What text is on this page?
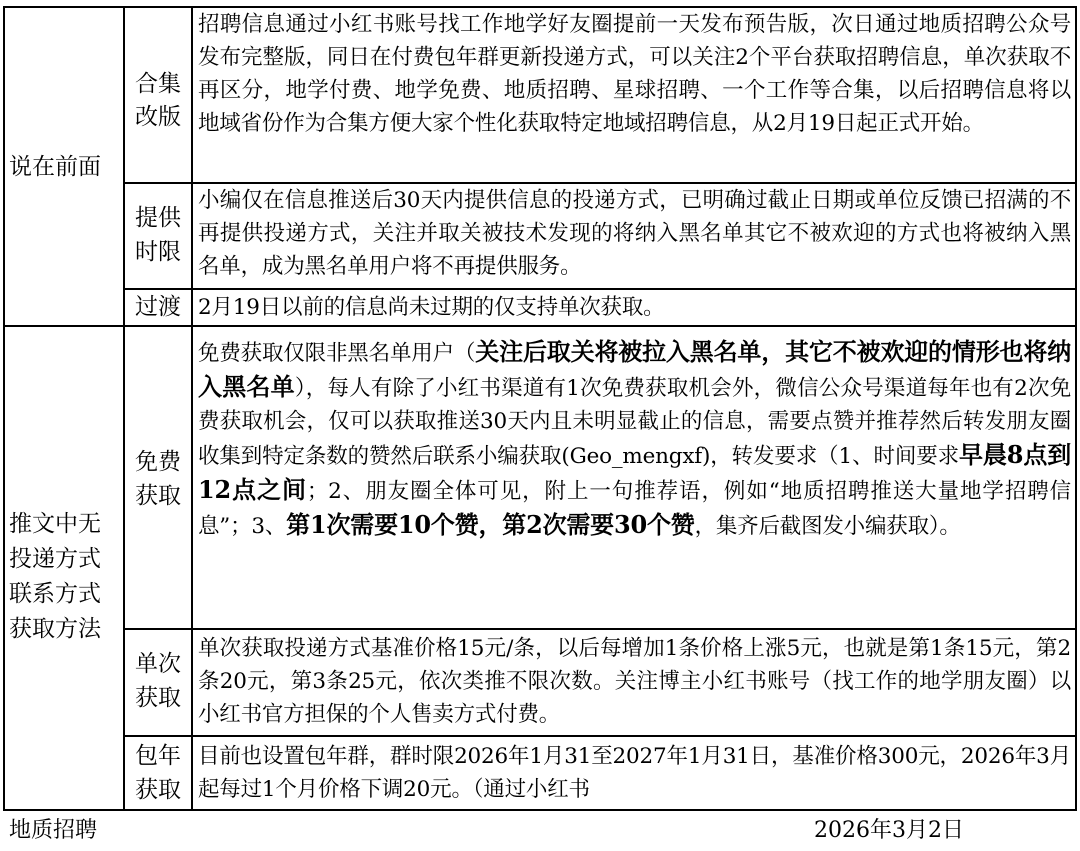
说在前面
合集
改版
招聘信息通过小红书账号找工作地学好友圈提前一天发布预告版，次日通过地质招聘公众号发布完整版，同日在付费包年群更新投递方式，可以关注2个平台获取招聘信息，单次获取不再区分，地学付费、地学免费、地质招聘、星球招聘、一个工作等合集，以后招聘信息将以地域省份作为合集方便大家个性化获取特定地域招聘信息，从2月19日起正式开始。
提供
时限
小编仅在信息推送后30天内提供信息的投递方式，已明确过截止日期或单位反馈已招满的不再提供投递方式，关注并取关被技术发现的将纳入黑名单其它不被欢迎的方式也将被纳入黑名单，成为黑名单用户将不再提供服务。
过渡 2月19日以前的信息尚未过期的仅支持单次获取。
推文中无
投递方式
联系方式
获取方法
免费
获取
免费获取仅限非黑名单用户（关注后取关将被拉入黑名单，其它不被欢迎的情形也将纳入黑名单），每人有除了小红书渠道有1次免费获取机会外，微信公众号渠道每年也有2次免费获取机会，仅可以获取推送30天内且未明显截止的信息，需要点赞并推荐然后转发朋友圈收集到特定条数的赞然后联系小编获取(Geo_mengxf)，转发要求（1、时间要求早晨8点到12点之间；2、朋友圈全体可见，附上一句推荐语，例如“地质招聘推送大量地学招聘信息”；3、第1次需要10个赞，第2次需要30个赞，集齐后截图发小编获取）。
单次
获取
单次获取投递方式基准价格15元/条，以后每增加1条价格上涨5元，也就是第1条15元，第2条20元，第3条25元，依次类推不限次数。关注博主小红书账号（找工作的地学朋友圈）以小红书官方担保的个人售卖方式付费。
包年
获取
目前也设置包年群，群时限2026年1月31至2027年1月31日，基准价格300元，2026年3月起每过1个月价格下调20元。（通过小红书
地质招聘	2026年3月2日
